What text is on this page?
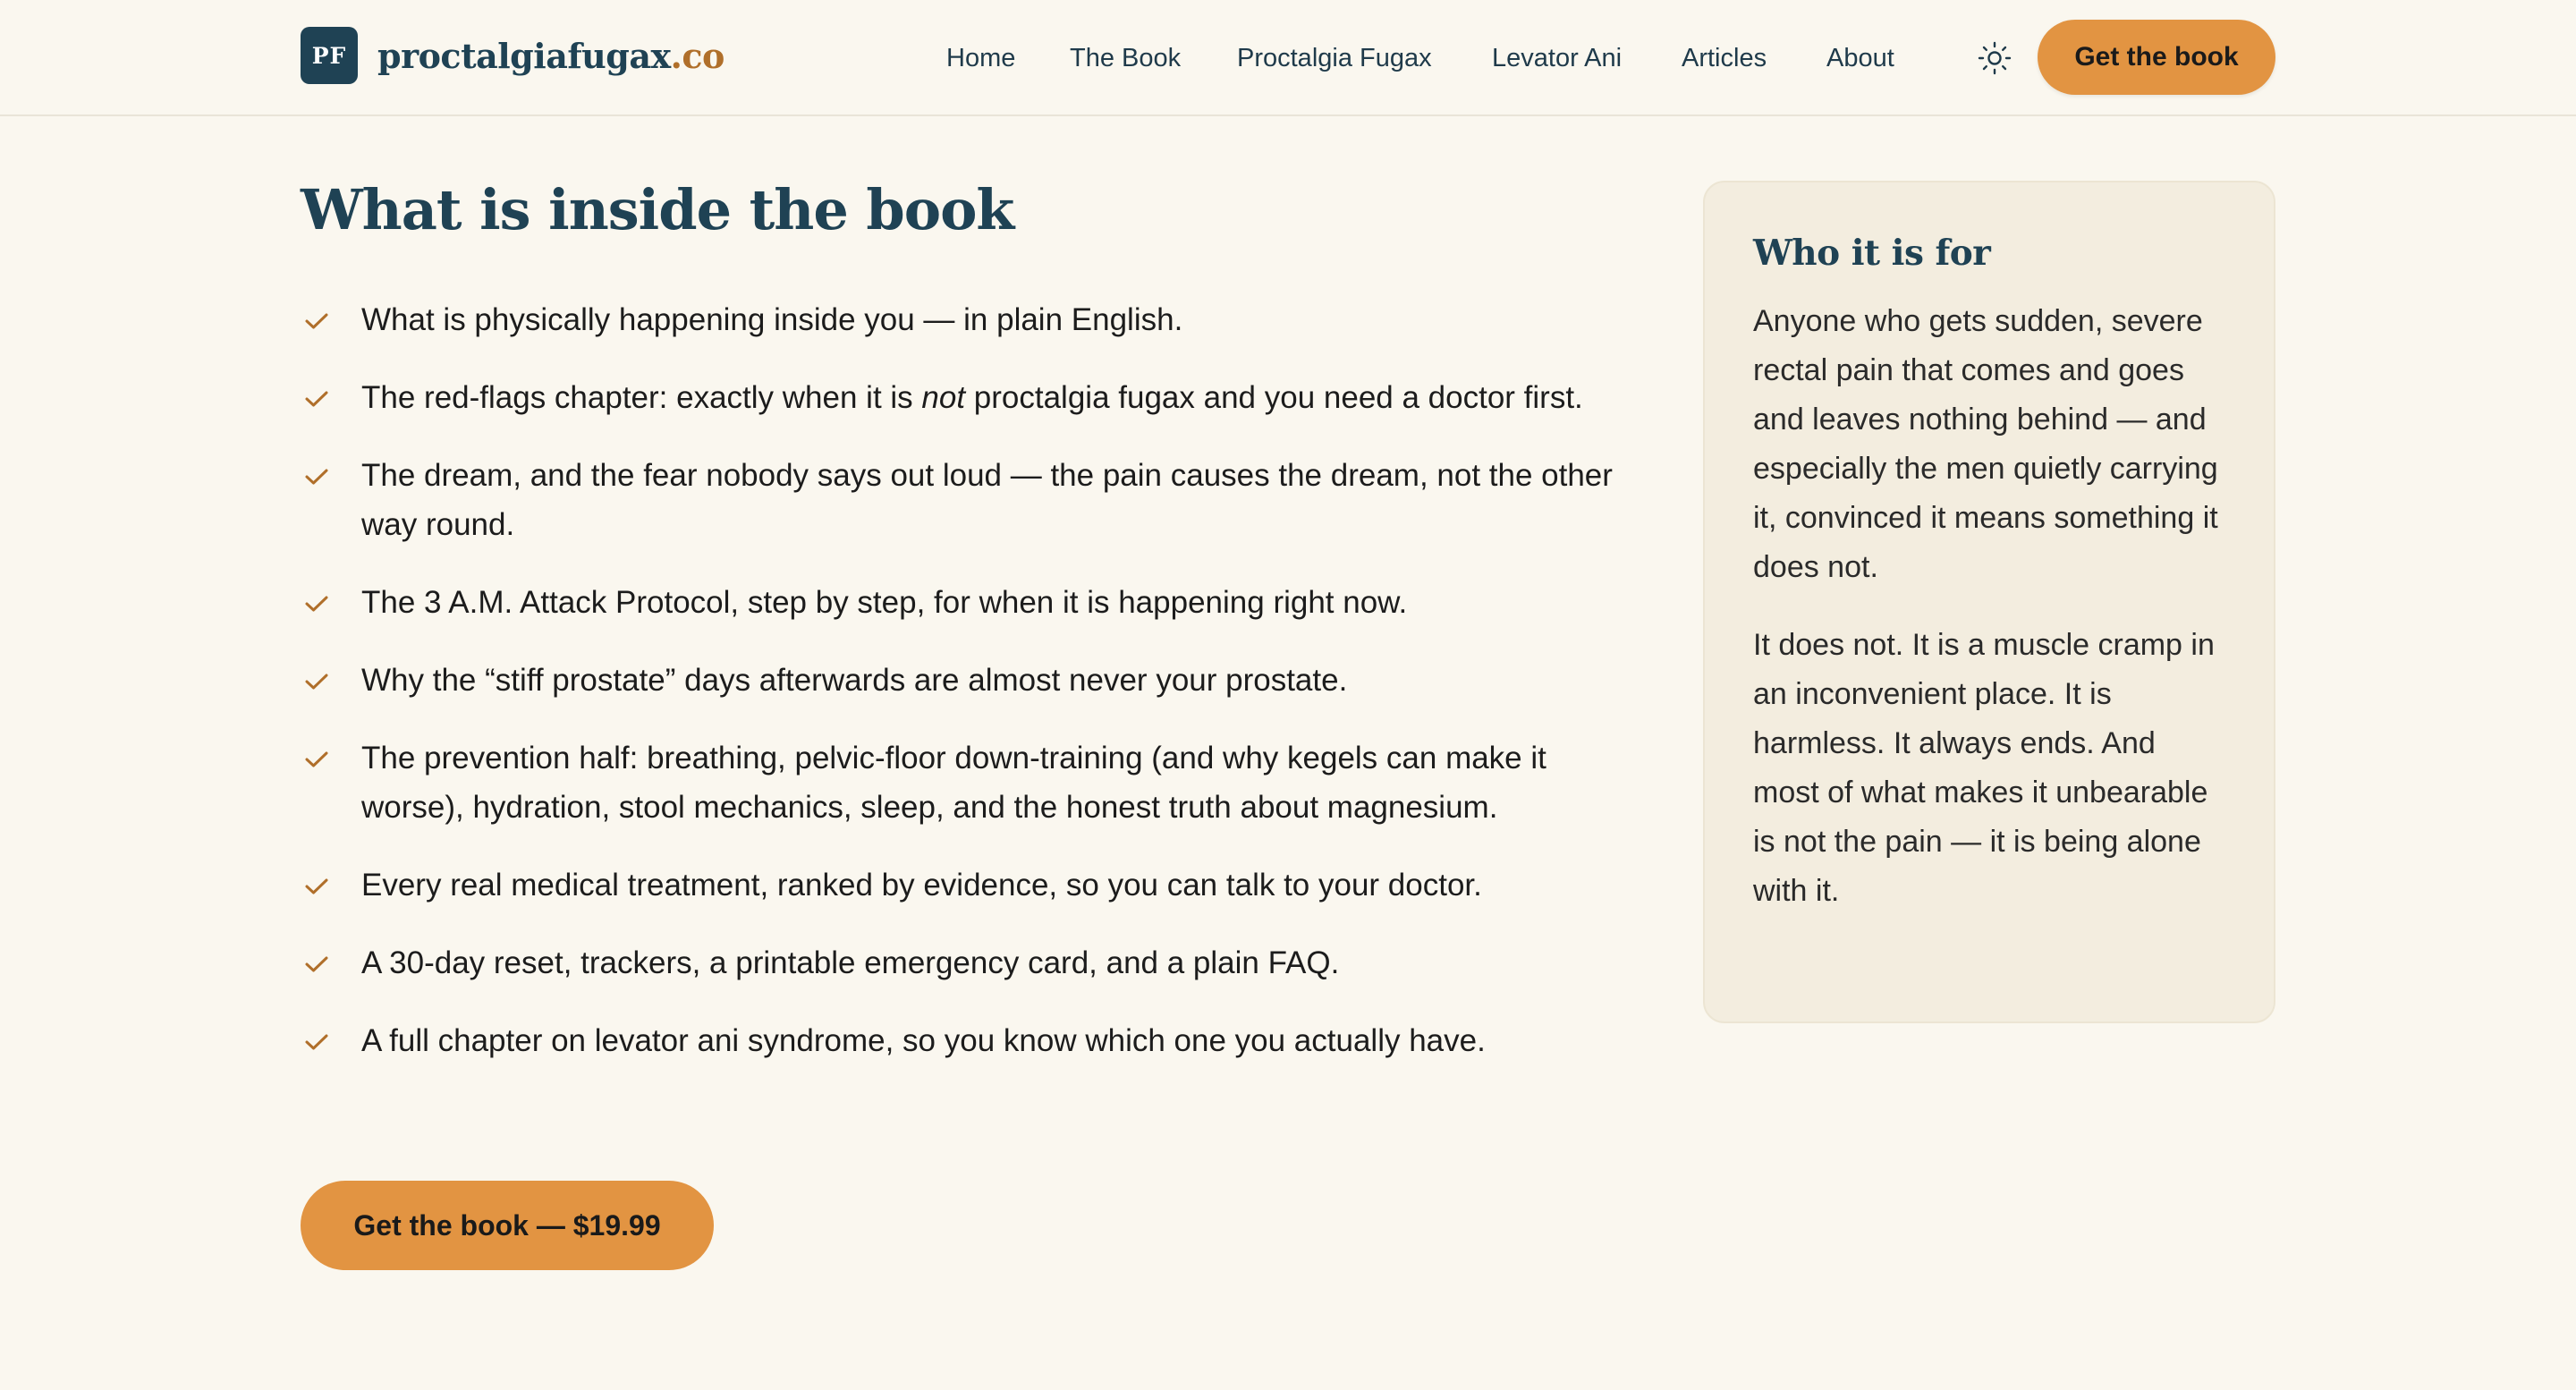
PF proctalgiafugax.co	Home The Book Proctalgia Fugax Levator Ani Articles About	Get the book
What is inside the book
What is physically happening inside you — in plain English.
The red-flags chapter: exactly when it is not proctalgia fugax and you need a doctor first.
The dream, and the fear nobody says out loud — the pain causes the dream, not the other way round.
The 3 A.M. Attack Protocol, step by step, for when it is happening right now.
Why the “stiff prostate” days afterwards are almost never your prostate.
The prevention half: breathing, pelvic-floor down-training (and why kegels can make it worse), hydration, stool mechanics, sleep, and the honest truth about magnesium.
Every real medical treatment, ranked by evidence, so you can talk to your doctor.
A 30-day reset, trackers, a printable emergency card, and a plain FAQ.
A full chapter on levator ani syndrome, so you know which one you actually have.
Get the book — $19.99
Who it is for

Anyone who gets sudden, severe rectal pain that comes and goes and leaves nothing behind — and especially the men quietly carrying it, convinced it means something it does not.

It does not. It is a muscle cramp in an inconvenient place. It is harmless. It always ends. And most of what makes it unbearable is not the pain — it is being alone with it.
